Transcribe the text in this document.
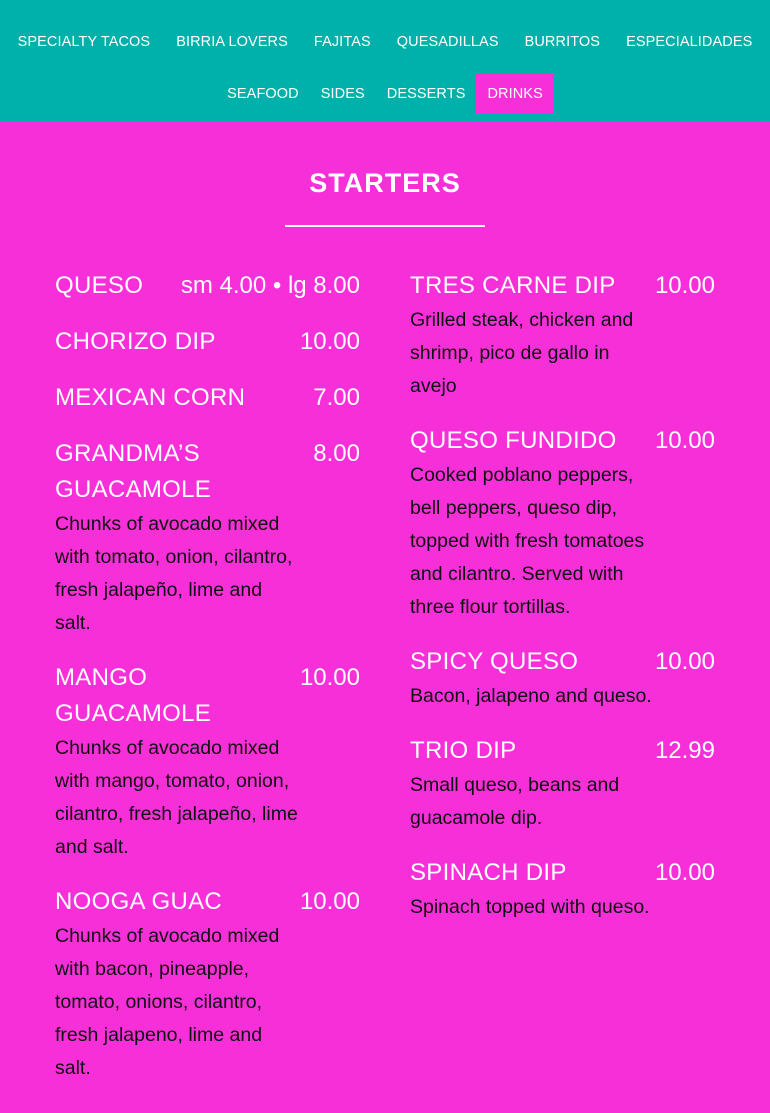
SPECIALTY TACOS	BIRRIA LOVERS	FAJITAS	QUESADILLAS	BURRITOS	ESPECIALIDADES
SEAFOOD	SIDES	DESSERTS	DRINKS
STARTERS
QUESO sm 4.00 • lg 8.00
CHORIZO DIP	10.00
MEXICAN CORN	7.00
GRANDMA’S GUACAMOLE
8.00
Chunks of avocado mixed with tomato, onion, cilantro, fresh jalapeño, lime and salt.
MANGO GUACAMOLE
10.00
Chunks of avocado mixed with mango, tomato, onion, cilantro, fresh jalapeño, lime and salt.
NOOGA GUAC	10.00
Chunks of avocado mixed with bacon, pineapple, tomato, onions, cilantro, fresh jalapeno, lime and salt.
TRES CARNE DIP 10.00
Grilled steak, chicken and shrimp, pico de gallo in avejo
QUESO FUNDIDO 10.00
Cooked poblano peppers, bell peppers, queso dip, topped with fresh tomatoes and cilantro. Served with three flour tortillas.
SPICY QUESO	10.00
Bacon, jalapeno and queso.
TRIO DIP	12.99
Small queso, beans and guacamole dip.
SPINACH DIP	10.00
Spinach topped with queso.
